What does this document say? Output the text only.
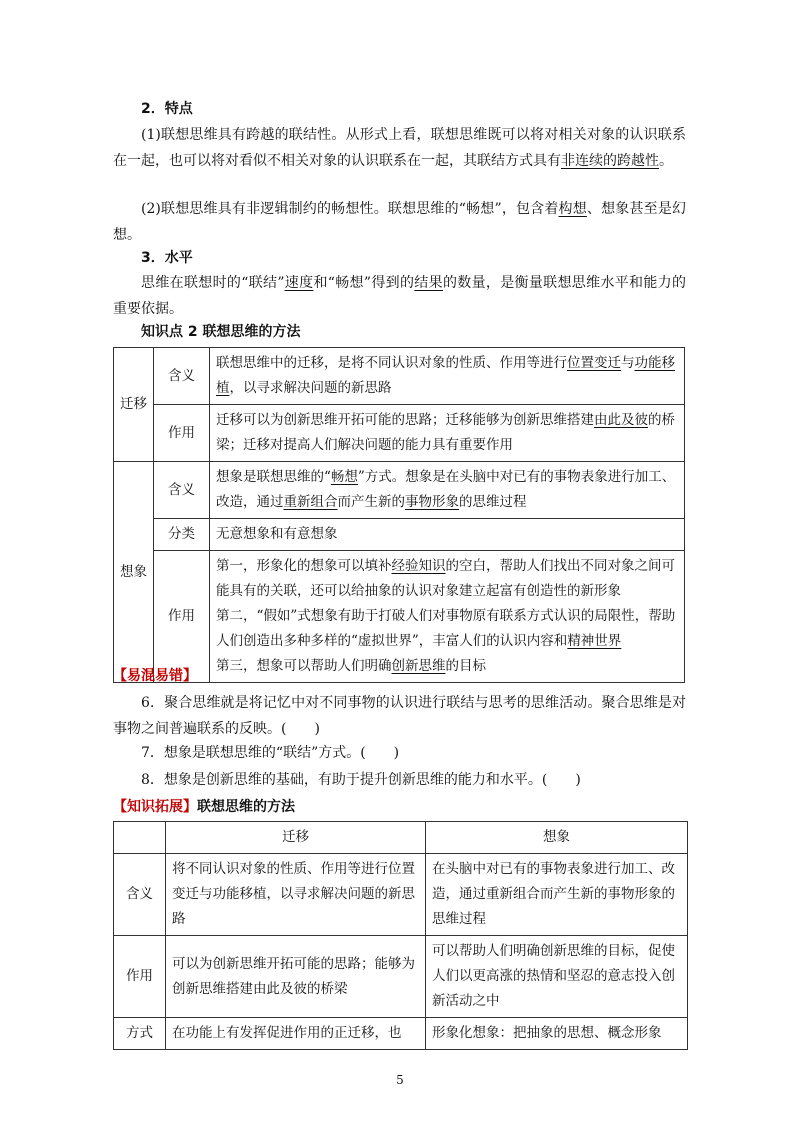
2．特点
(1)联想思维具有跨越的联结性。从形式上看，联想思维既可以将对相关对象的认识联系在一起，也可以将对看似不相关对象的认识联系在一起，其联结方式具有非连续的跨越性。
(2)联想思维具有非逻辑制约的畅想性。联想思维的“畅想”，包含着构想、想象甚至是幻想。
3．水平
思维在联想时的“联结”速度和“畅想”得到的结果的数量，是衡量联想思维水平和能力的重要依据。
知识点 2 联想思维的方法
迁移	含义	联想思维中的迁移，是将不同认识对象的性质、作用等进行位置变迁与功能移植，以寻求解决问题的新思路
	作用	迁移可以为创新思维开拓可能的思路；迁移能够为创新思维搭建由此及彼的桥梁；迁移对提高人们解决问题的能力具有重要作用
想象	含义	想象是联想思维的“畅想”方式。想象是在头脑中对已有的事物表象进行加工、改造，通过重新组合而产生新的事物形象的思维过程
	分类	无意想象和有意想象
	作用	第一，形象化的想象可以填补经验知识的空白，帮助人们找出不同对象之间可能具有的关联，还可以给抽象的认识对象建立起富有创造性的新形象
第二，“假如”式想象有助于打破人们对事物原有联系方式认识的局限性，帮助人们创造出多种多样的“虚拟世界”，丰富人们的认识内容和精神世界
第三，想象可以帮助人们明确创新思维的目标
【易混易错】
6．聚合思维就是将记忆中对不同事物的认识进行联结与思考的思维活动。聚合思维是对事物之间普遍联系的反映。(　　)
7．想象是联想思维的“联结”方式。(　　)
8．想象是创新思维的基础，有助于提升创新思维的能力和水平。(　　)
【知识拓展】联想思维的方法
	迁移	想象
含义	将不同认识对象的性质、作用等进行位置变迁与功能移植，以寻求解决问题的新思路	在头脑中对已有的事物表象进行加工、改造，通过重新组合而产生新的事物形象的思维过程
作用	可以为创新思维开拓可能的思路；能够为创新思维搭建由此及彼的桥梁	可以帮助人们明确创新思维的目标，促使人们以更高涨的热情和坚忍的意志投入创新活动之中
方式	在功能上有发挥促进作用的正迁移，也	形象化想象：把抽象的思想、概念形象
5
